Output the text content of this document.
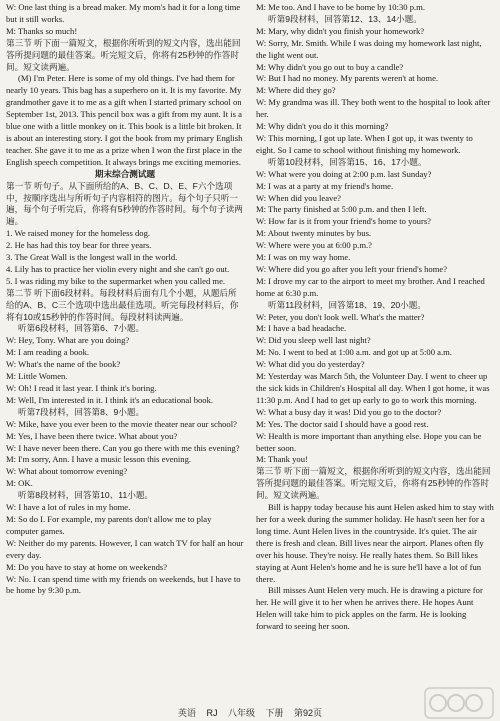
W: One last thing is a bread maker. My mom's had it for a long time but it still works.
M: Thanks so much!
第三节 听下面一篇短文，根据你所听到的短文内容，选出能回答所提问题的最佳答案。听完短文后，你将有25秒钟的作答时间。短文读两遍。
(M) I'm Peter. Here is some of my old things. I've had them for nearly 10 years. This bag has a superhero on it. It is my favorite. My grandmother gave it to me as a gift when I started primary school on September 1st, 2013. This pencil box was a gift from my aunt. It is a blue one with a little monkey on it. This book is a little bit broken. It is about an interesting story. I got the book from my primary English teacher. She gave it to me as a prize when I won the first place in the English speech competition. It always brings me exciting memories.
期末综合测试题
第一节 听句子。从下面所给的A、B、C、D、E、F六个选项中，按顺序选出与所听句子内容相符的图片。每个句子只听一遍，每个句子听完后，你将有5秒钟的作答时间。每个句子读两遍。
1. We raised money for the homeless dog.
2. He has had this toy bear for three years.
3. The Great Wall is the longest wall in the world.
4. Lily has to practice her violin every night and she can't go out.
5. I was riding my bike to the supermarket when you called me.
第二节 听下面6段材料。每段材料后面有几个小题，从题后所给的A、B、C三个选项中选出最佳选项。听完每段材料后，你将有10或15秒钟的作答时间。每段材料读两遍。
听第6段材料，回答第6、7小题。
W: Hey, Tony. What are you doing?
M: I am reading a book.
W: What's the name of the book?
M: Little Women.
W: Oh! I read it last year. I think it's boring.
M: Well, I'm interested in it. I think it's an educational book.
听第7段材料，回答第8、9小题。
W: Mike, have you ever been to the movie theater near our school?
M: Yes, I have been there twice. What about you?
W: I have never been there. Can you go there with me this evening?
M: I'm sorry, Ann. I have a music lesson this evening.
W: What about tomorrow evening?
M: OK.
听第8段材料，回答第10、11小题。
W: I have a lot of rules in my home.
M: So do I. For example, my parents don't allow me to play computer games.
W: Neither do my parents. However, I can watch TV for half an hour every day.
M: Do you have to stay at home on weekends?
W: No. I can spend time with my friends on weekends, but I have to be home by 9:30 p.m.
M: Me too. And I have to be home by 10:30 p.m.
听第9段材料，回答第12、13、14小题。
M: Mary, why didn't you finish your homework?
W: Sorry, Mr. Smith. While I was doing my homework last night, the light went out.
M: Why didn't you go out to buy a candle?
W: But I had no money. My parents weren't at home.
M: Where did they go?
W: My grandma was ill. They both went to the hospital to look after her.
M: Why didn't you do it this morning?
W: This morning, I got up late. When I got up, it was twenty to eight. So I came to school without finishing my homework.
听第10段材料，回答第15、16、17小题。
W: What were you doing at 2:00 p.m. last Sunday?
M: I was at a party at my friend's home.
W: When did you leave?
M: The party finished at 5:00 p.m. and then I left.
W: How far is it from your friend's home to yours?
M: About twenty minutes by bus.
W: Where were you at 6:00 p.m.?
M: I was on my way home.
W: Where did you go after you left your friend's home?
M: I drove my car to the airport to meet my brother. And I reached home at 6:30 p.m.
听第11段材料，回答第18、19、20小题。
W: Peter, you don't look well. What's the matter?
M: I have a bad headache.
W: Did you sleep well last night?
M: No. I went to bed at 1:00 a.m. and got up at 5:00 a.m.
W: What did you do yesterday?
M: Yesterday was March 5th, the Volunteer Day. I went to cheer up the sick kids in Children's Hospital all day. When I got home, it was 11:30 p.m. And I had to get up early to go to work this morning.
W: What a busy day it was! Did you go to the doctor?
M: Yes. The doctor said I should have a good rest.
W: Health is more important than anything else. Hope you can be better soon.
M: Thank you!
第三节 听下面一篇短文，根据你所听到的短文内容，选出能回答所提问题的最佳答案。听完短文后，你将有25秒钟的作答时间。短文读两遍。
Bill is happy today because his aunt Helen asked him to stay with her for a week during the summer holiday. He hasn't seen her for a long time. Aunt Helen lives in the countryside. It's quiet. The air there is fresh and clean. Bill lives near the airport. Planes often fly over his house. They're noisy. He really hates them. So Bill likes staying at Aunt Helen's home and he is sure he'll have a lot of fun there.
Bill misses Aunt Helen very much. He is drawing a picture for her. He will give it to her when he arrives there. He hopes Aunt Helen will take him to pick apples on the farm. He is looking forward to seeing her soon.
英语 RJ 八年级 下册 第92页
